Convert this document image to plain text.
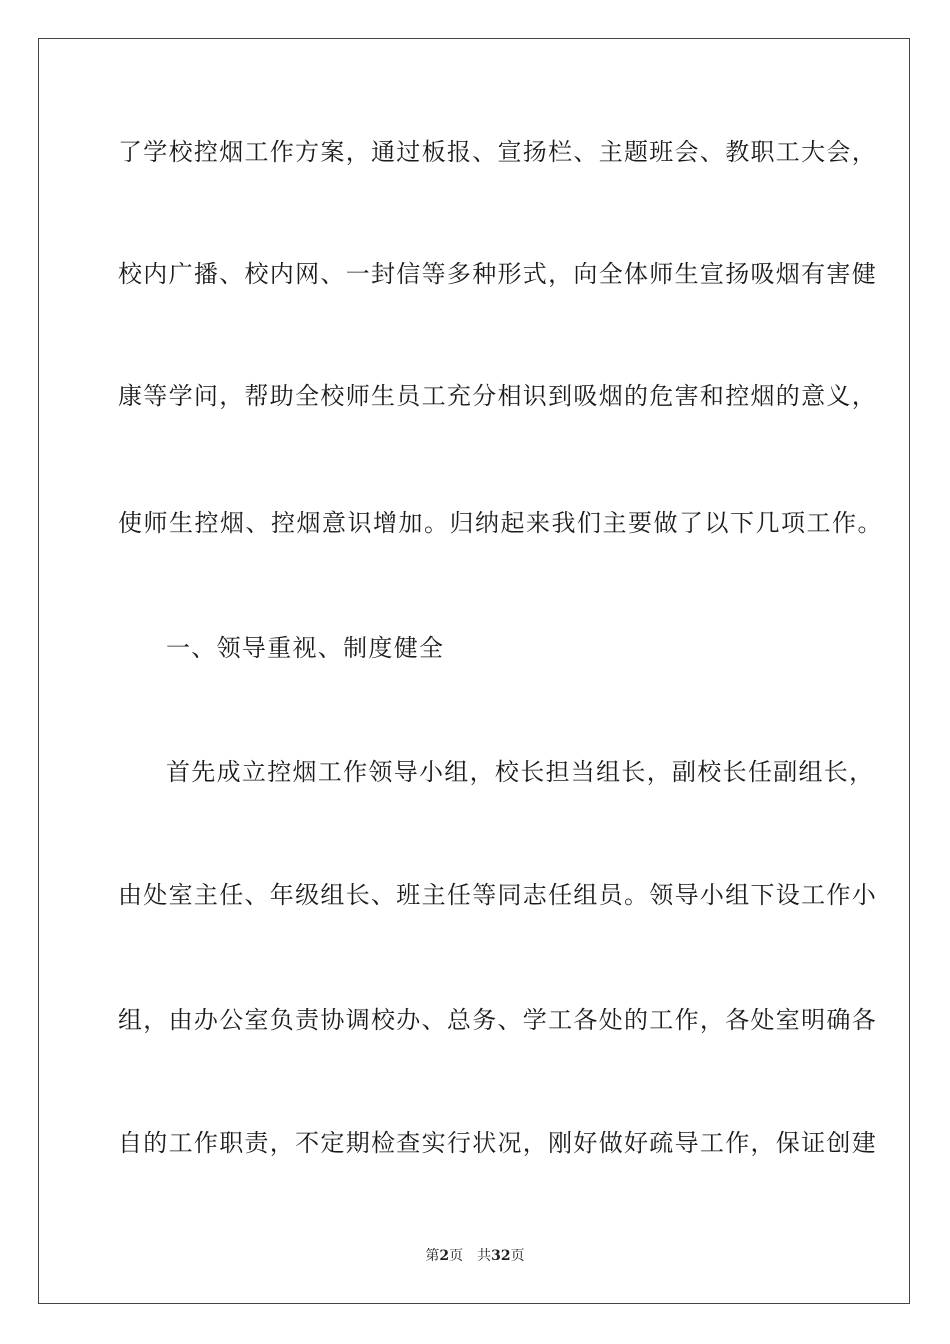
了学校控烟工作方案，通过板报、宣扬栏、主题班会、教职工大会，
校内广播、校内网、一封信等多种形式，向全体师生宣扬吸烟有害健
康等学问，帮助全校师生员工充分相识到吸烟的危害和控烟的意义，
使师生控烟、控烟意识增加。归纳起来我们主要做了以下几项工作。
一、领导重视、制度健全
首先成立控烟工作领导小组，校长担当组长，副校长任副组长，
由处室主任、年级组长、班主任等同志任组员。领导小组下设工作小
组，由办公室负责协调校办、总务、学工各处的工作，各处室明确各
自的工作职责，不定期检查实行状况，刚好做好疏导工作，保证创建
第2页 共32页
